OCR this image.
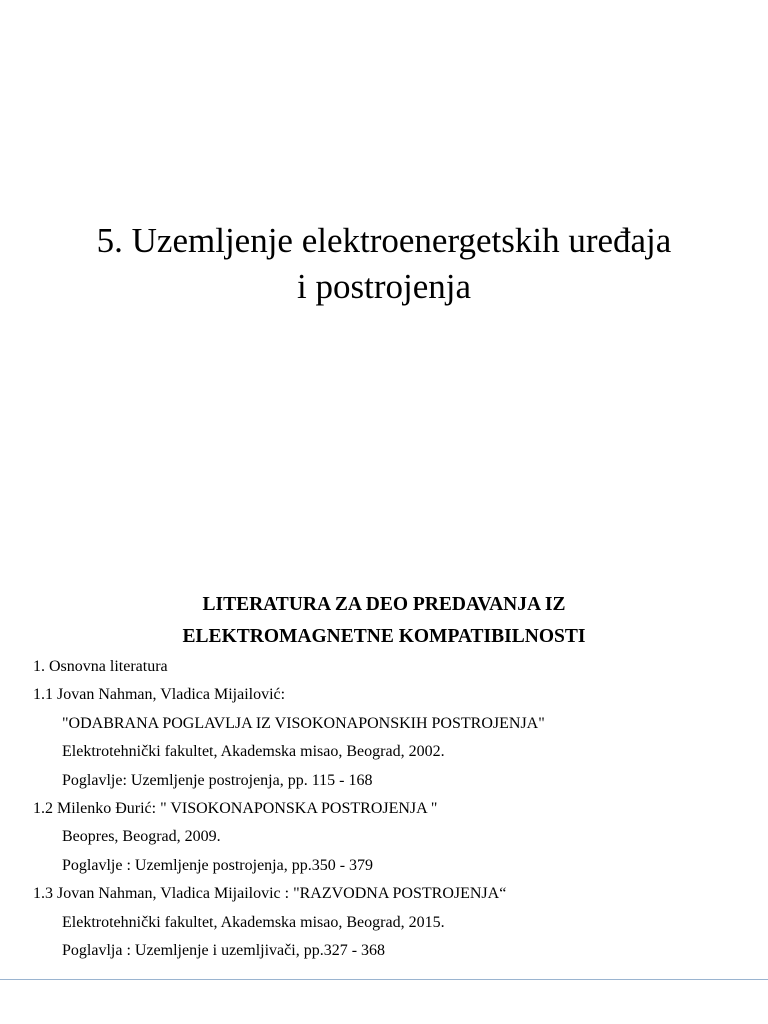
5. Uzemljenje elektroenergetskih uređaja
i postrojenja
LITERATURA ZA DEO PREDAVANJA IZ
ELEKTROMAGNETNE KOMPATIBILNOSTI
1. Osnovna literatura
1.1 Jovan Nahman, Vladica Mijailović:
"ODABRANA POGLAVLJA IZ VISOKONAPONSKIH POSTROJENJA"
Elektrotehnički fakultet, Akademska misao, Beograd, 2002.
Poglavlje: Uzemljenje postrojenja, pp. 115 - 168
1.2 Milenko Đurić: " VISOKONAPONSKA POSTROJENJA "
Beopres, Beograd, 2009.
Poglavlje : Uzemljenje postrojenja, pp.350 - 379
1.3 Jovan Nahman, Vladica Mijailovic : "RAZVODNA POSTROJENJA“
Elektrotehnički fakultet, Akademska misao, Beograd, 2015.
Poglavlja : Uzemljenje i uzemljivači, pp.327 - 368
